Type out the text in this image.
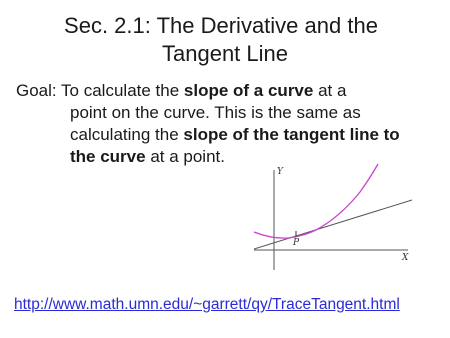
Sec. 2.1: The Derivative and the
Tangent Line
Goal: To calculate the slope of a curve at a
point on the curve. This is the same as
calculating the slope of the tangent line to
the curve at a point.
Y
X
P
http://www.math.umn.edu/~garrett/qy/TraceTangent.html
